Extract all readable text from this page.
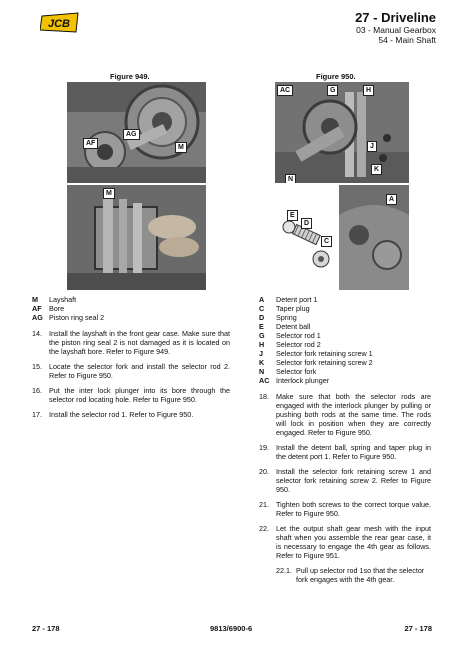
JCB	27 - Driveline
03 - Manual Gearbox
54 - Main Shaft
Figure 949.
AG
AF
M
M
Figure 950.
AC	G	H
J
K
N
E
D
C
A
M	Layshaft
AF	Bore
AG Piston ring seal 2
14. Install the layshaft in the front gear case. Make sure that the piston ring seal 2 is not damaged as it is located on the layshaft bore. Refer to Figure 949.
15. Locate the selector fork and install the selector rod 2. Refer to Figure 950.
16. Put the inter lock plunger into its bore through the selector rod locating hole. Refer to Figure 950.
17. Install the selector rod 1. Refer to Figure 950.
A	Detent port 1
C	Taper plug
D	Spring
E	Detent ball
G	Selector rod 1
H	Selector rod 2
J	Selector fork retaining screw 1
K	Selector fork retaining screw 2
N	Selector fork
AC Interlock plunger
18. Make sure that both the selector rods are engaged with the interlock plunger by pulling or pushing both rods at the same time. The rods will lock in position when they are correctly engaged. Refer to Figure 950.
19. Install the detent ball, spring and taper plug in the detent port 1. Refer to Figure 950.
20. Install the selector fork retaining screw 1 and selector fork retaining screw 2. Refer to Figure 950.
21. Tighten both screws to the correct torque value. Refer to Figure 950.
22. Let the output shaft gear mesh with the input shaft when you assemble the rear gear case, it is necessary to engage the 4th gear as follows. Refer to Figure 951.
22.1. Pull up selector rod 1so that the selector fork engages with the 4th gear.
27 - 178	9813/6900-6	27 - 178
